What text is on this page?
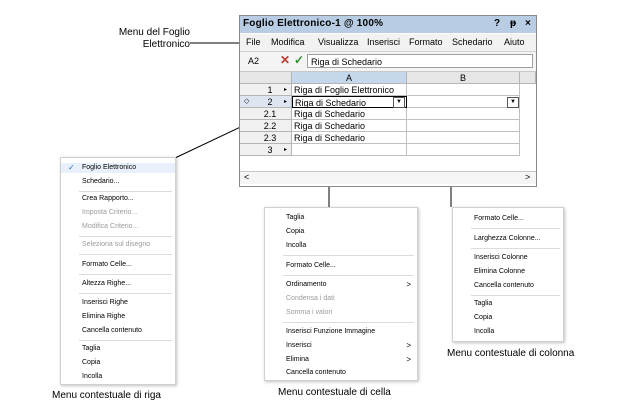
Menu del Foglio
Elettronico
Foglio Elettronico-1 @ 100%	? ᵽ ×
File Modifica Visualizza Inserisci Formato Schedario Aiuto
A2 ✕ ✓ Riga di Schedario
A	B
1	▸ Riga di Foglio Elettronico
◇	2	▸ Riga di Schedario	▼	▼
2.1	Riga di Schedario
2.2	Riga di Schedario
2.3	Riga di Schedario
3	▸
<	>
✓ Foglio Elettronico
Schedario...
Crea Rapporto...
Imposta Criterio...
Modifica Criterio...
Seleziona sul disegno
Formato Celle...
Altezza Righe...
Inserisci Righe
Elimina Righe
Cancella contenuto
Taglia
Copia
Incolla
Menu contestuale di riga
Taglia
Copia
Incolla
Formato Celle...
Ordinamento	>
Condensa i dati
Somma i valori
Inserisci Funzione Immagine
Inserisci	>
Elimina	>
Cancella contenuto
Menu contestuale di cella
Formato Celle...
Larghezza Colonne...
Inserisci Colonne
Elimina Colonne
Cancella contenuto
Taglia
Copia
Incolla
Menu contestuale di colonna
